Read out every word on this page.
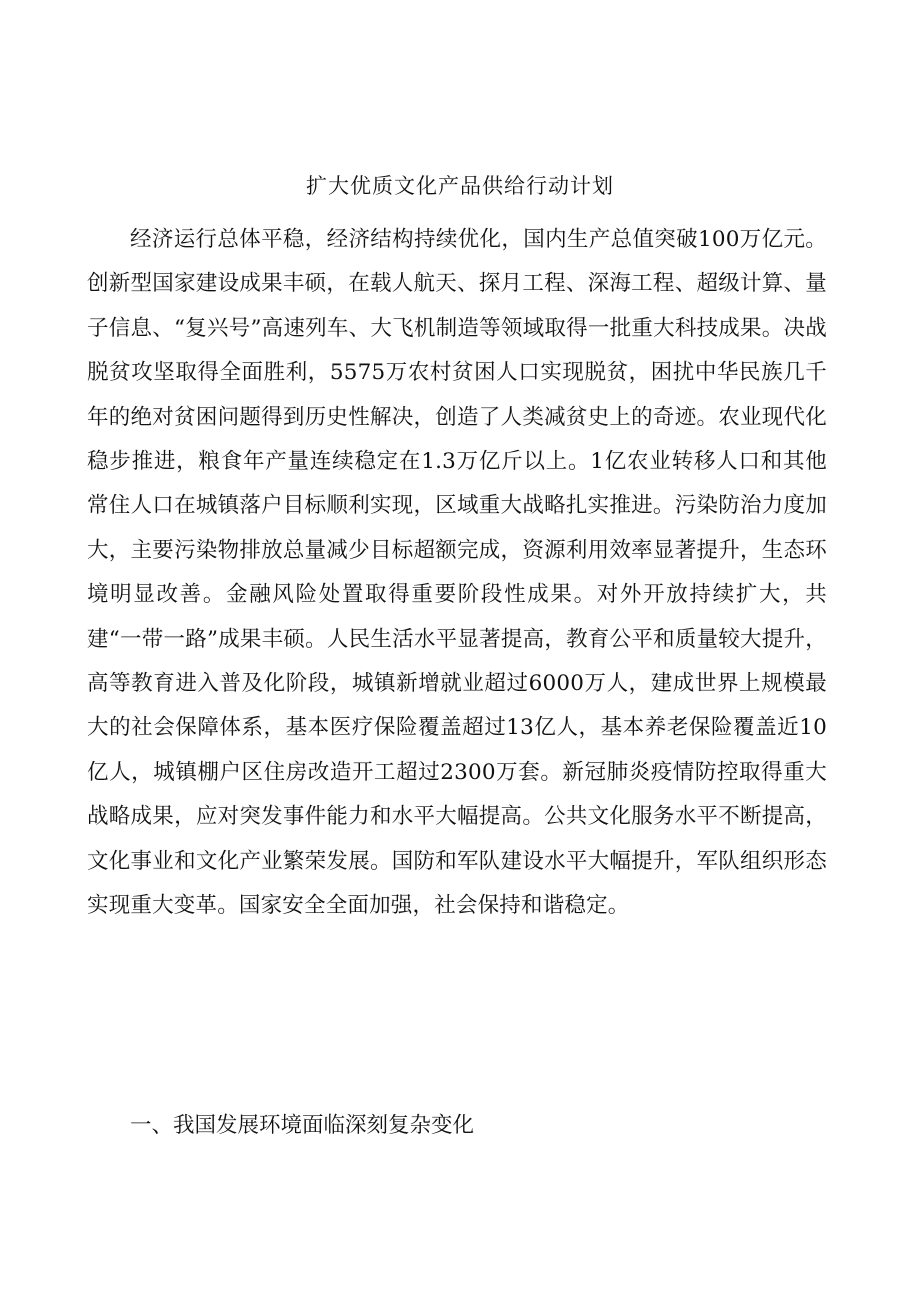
扩大优质文化产品供给行动计划

经济运行总体平稳，经济结构持续优化，国内生产总值突破100万亿元。创新型国家建设成果丰硕，在载人航天、探月工程、深海工程、超级计算、量子信息、“复兴号”高速列车、大飞机制造等领域取得一批重大科技成果。决战脱贫攻坚取得全面胜利，5575万农村贫困人口实现脱贫，困扰中华民族几千年的绝对贫困问题得到历史性解决，创造了人类减贫史上的奇迹。农业现代化稳步推进，粮食年产量连续稳定在1.3万亿斤以上。1亿农业转移人口和其他常住人口在城镇落户目标顺利实现，区域重大战略扎实推进。污染防治力度加大，主要污染物排放总量减少目标超额完成，资源利用效率显著提升，生态环境明显改善。金融风险处置取得重要阶段性成果。对外开放持续扩大，共建“一带一路”成果丰硕。人民生活水平显著提高，教育公平和质量较大提升，高等教育进入普及化阶段，城镇新增就业超过6000万人，建成世界上规模最大的社会保障体系，基本医疗保险覆盖超过13亿人，基本养老保险覆盖近10亿人，城镇棚户区住房改造开工超过2300万套。新冠肺炎疫情防控取得重大战略成果，应对突发事件能力和水平大幅提高。公共文化服务水平不断提高，文化事业和文化产业繁荣发展。国防和军队建设水平大幅提升，军队组织形态实现重大变革。国家安全全面加强，社会保持和谐稳定。

一、我国发展环境面临深刻复杂变化
